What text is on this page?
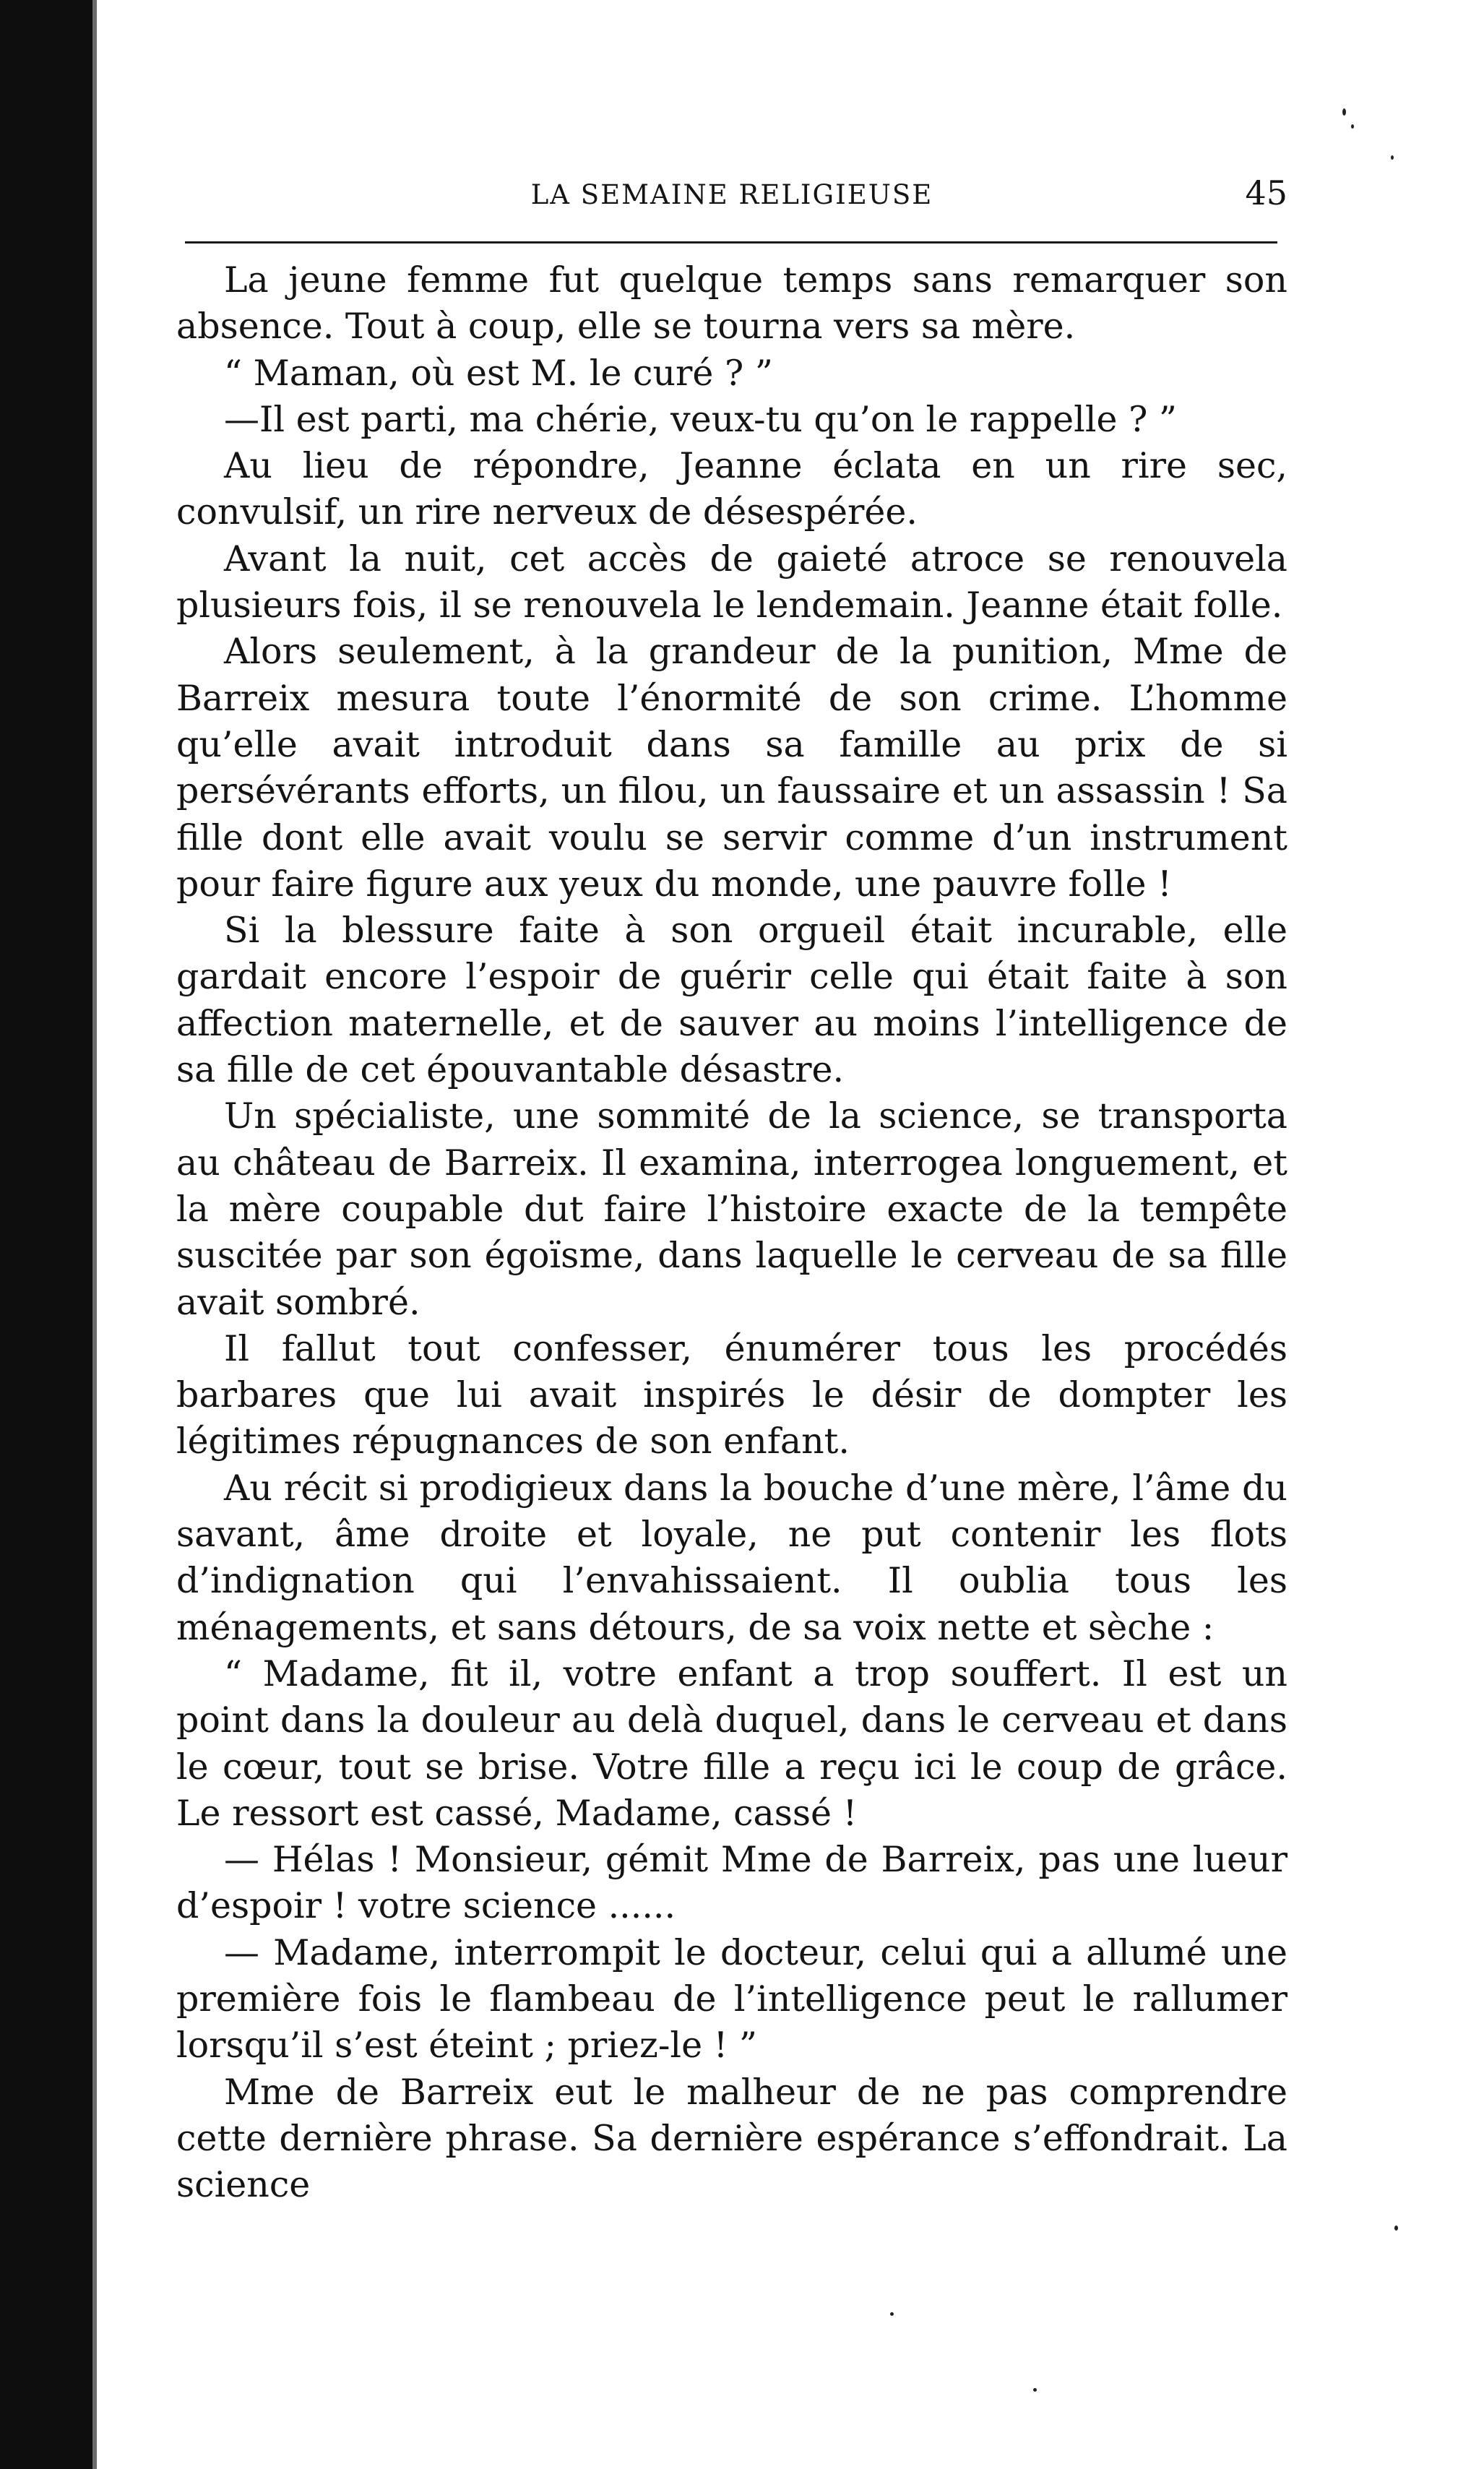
LA SEMAINE RELIGIEUSE	45

La jeune femme fut quelque temps sans remarquer son absence. Tout à coup, elle se tourna vers sa mère.

“ Maman, où est M. le curé ? ”

—Il est parti, ma chérie, veux-tu qu’on le rappelle ? ”

Au lieu de répondre, Jeanne éclata en un rire sec, convulsif, un rire nerveux de désespérée.

Avant la nuit, cet accès de gaieté atroce se renouvela plusieurs fois, il se renouvela le lendemain. Jeanne était folle.

Alors seulement, à la grandeur de la punition, Mme de Barreix mesura toute l’énormité de son crime. L’homme qu’elle avait introduit dans sa famille au prix de si persévérants efforts, un filou, un faussaire et un assassin ! Sa fille dont elle avait voulu se servir comme d’un instrument pour faire figure aux yeux du monde, une pauvre folle !

Si la blessure faite à son orgueil était incurable, elle gardait encore l’espoir de guérir celle qui était faite à son affection maternelle, et de sauver au moins l’intelligence de sa fille de cet épouvantable désastre.

Un spécialiste, une sommité de la science, se transporta au château de Barreix. Il examina, interrogea longuement, et la mère coupable dut faire l’histoire exacte de la tempête suscitée par son égoïsme, dans laquelle le cerveau de sa fille avait sombré.

Il fallut tout confesser, énumérer tous les procédés barbares que lui avait inspirés le désir de dompter les légitimes répugnances de son enfant.

Au récit si prodigieux dans la bouche d’une mère, l’âme du savant, âme droite et loyale, ne put contenir les flots d’indignation qui l’envahissaient. Il oublia tous les ménagements, et sans détours, de sa voix nette et sèche :

“ Madame, fit il, votre enfant a trop souffert. Il est un point dans la douleur au delà duquel, dans le cerveau et dans le cœur, tout se brise. Votre fille a reçu ici le coup de grâce. Le ressort est cassé, Madame, cassé !

— Hélas ! Monsieur, gémit Mme de Barreix, pas une lueur d’espoir ! votre science ......

— Madame, interrompit le docteur, celui qui a allumé une première fois le flambeau de l’intelligence peut le rallumer lorsqu’il s’est éteint ; priez-le ! ”

Mme de Barreix eut le malheur de ne pas comprendre cette dernière phrase. Sa dernière espérance s’effondrait. La science
